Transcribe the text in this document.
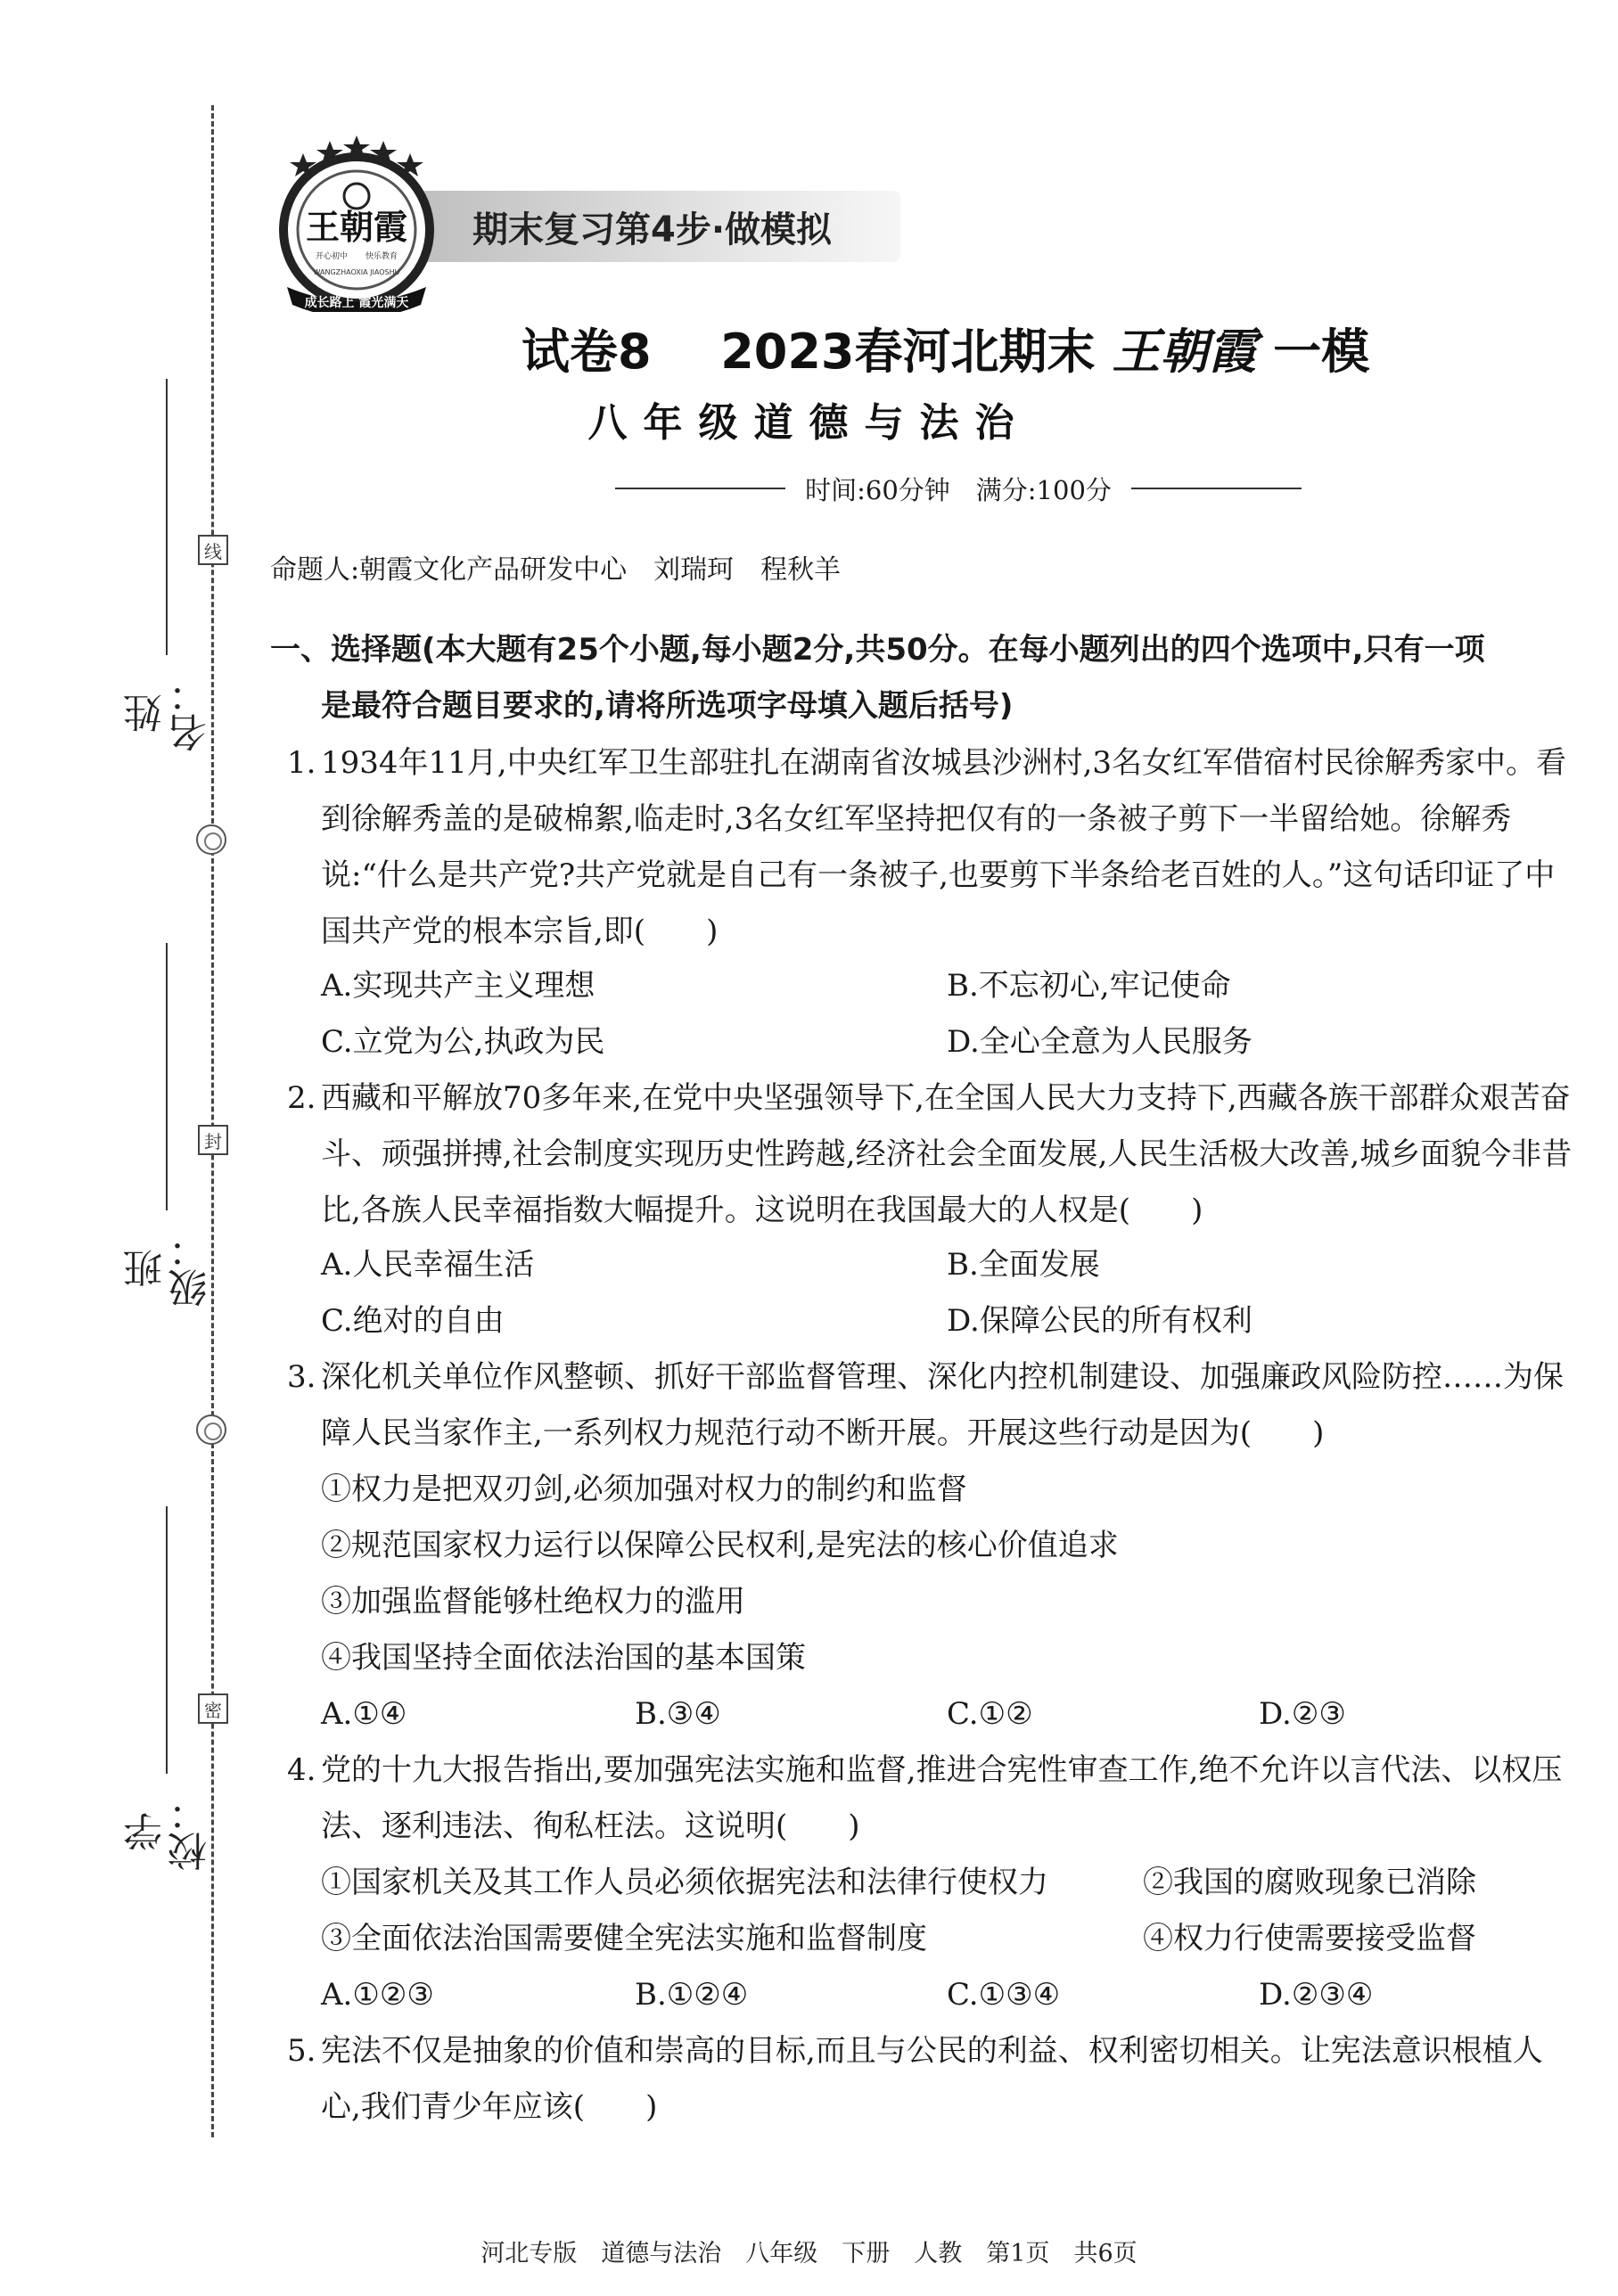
线
封
密
姓名：
班级：
学校：
期末复习第4步·做模拟
王朝霞
开心初中 快乐教育
WANGZHAOXIA JIAOSHU
成长路上 霞光满天
试卷8 2023春河北期末 王朝霞 一模
八年级道德与法治
时间:60分钟　满分:100分
命题人:朝霞文化产品研发中心　刘瑞珂　程秋羊
一、选择题(本大题有25个小题,每小题2分,共50分。在每小题列出的四个选项中,只有一项
是最符合题目要求的,请将所选项字母填入题后括号)
1. 1934年11月,中央红军卫生部驻扎在湖南省汝城县沙洲村,3名女红军借宿村民徐解秀家中。看到徐解秀盖的是破棉絮,临走时,3名女红军坚持把仅有的一条被子剪下一半留给她。徐解秀说:“什么是共产党?共产党就是自己有一条被子,也要剪下半条给老百姓的人。”这句话印证了中国共产党的根本宗旨,即(　　)
A.实现共产主义理想	B.不忘初心,牢记使命
C.立党为公,执政为民	D.全心全意为人民服务
2. 西藏和平解放70多年来,在党中央坚强领导下,在全国人民大力支持下,西藏各族干部群众艰苦奋斗、顽强拼搏,社会制度实现历史性跨越,经济社会全面发展,人民生活极大改善,城乡面貌今非昔比,各族人民幸福指数大幅提升。这说明在我国最大的人权是(　　)
A.人民幸福生活	B.全面发展
C.绝对的自由	D.保障公民的所有权利
3. 深化机关单位作风整顿、抓好干部监督管理、深化内控机制建设、加强廉政风险防控……为保障人民当家作主,一系列权力规范行动不断开展。开展这些行动是因为(　　)
①权力是把双刃剑,必须加强对权力的制约和监督
②规范国家权力运行以保障公民权利,是宪法的核心价值追求
③加强监督能够杜绝权力的滥用
④我国坚持全面依法治国的基本国策
A.①④	B.③④	C.①②	D.②③
4. 党的十九大报告指出,要加强宪法实施和监督,推进合宪性审查工作,绝不允许以言代法、以权压法、逐利违法、徇私枉法。这说明(　　)
①国家机关及其工作人员必须依据宪法和法律行使权力	②我国的腐败现象已消除
③全面依法治国需要健全宪法实施和监督制度	④权力行使需要接受监督
A.①②③	B.①②④	C.①③④	D.②③④
5. 宪法不仅是抽象的价值和崇高的目标,而且与公民的利益、权利密切相关。让宪法意识根植人心,我们青少年应该(　　)
河北专版　道德与法治　八年级　下册　人教　第1页　共6页
